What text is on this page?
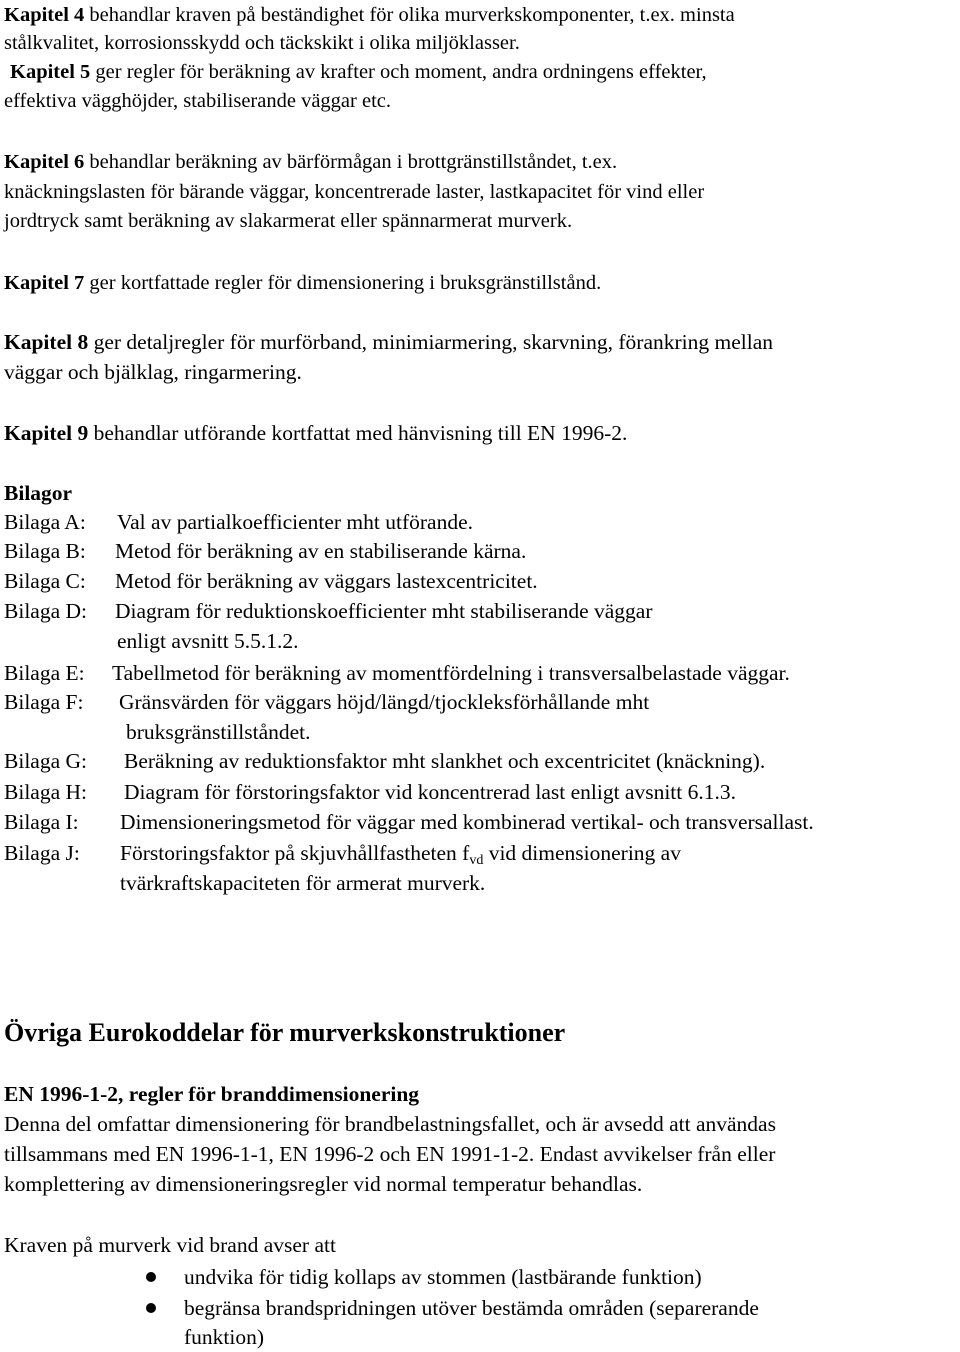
Kapitel 4 behandlar kraven på beständighet för olika murverkskomponenter, t.ex. minsta
stålkvalitet, korrosionsskydd och täckskikt i olika miljöklasser.
Kapitel 5 ger regler för beräkning av krafter och moment, andra ordningens effekter,
effektiva vägghöjder, stabiliserande väggar etc.
Kapitel 6 behandlar beräkning av bärförmågan i brottgränstillståndet, t.ex.
knäckningslasten för bärande väggar, koncentrerade laster, lastkapacitet för vind eller
jordtryck samt beräkning av slakarmerat eller spännarmerat murverk.
Kapitel 7 ger kortfattade regler för dimensionering i bruksgränstillstånd.
Kapitel 8 ger detaljregler för murförband, minimiarmering, skarvning, förankring mellan
väggar och bjälklag, ringarmering.
Kapitel 9 behandlar utförande kortfattat med hänvisning till EN 1996-2.
Bilagor
Bilaga A: Val av partialkoefficienter mht utförande.
Bilaga B: Metod för beräkning av en stabiliserande kärna.
Bilaga C: Metod för beräkning av väggars lastexcentricitet.
Bilaga D: Diagram för reduktionskoefficienter mht stabiliserande väggar
enligt avsnitt 5.5.1.2.
Bilaga E: Tabellmetod för beräkning av momentfördelning i transversalbelastade väggar.
Bilaga F: Gränsvärden för väggars höjd/längd/tjockleksförhållande mht
bruksgränstillståndet.
Bilaga G: Beräkning av reduktionsfaktor mht slankhet och excentricitet (knäckning).
Bilaga H: Diagram för förstoringsfaktor vid koncentrerad last enligt avsnitt 6.1.3.
Bilaga I: Dimensioneringsmetod för väggar med kombinerad vertikal- och transversallast.
Bilaga J: Förstoringsfaktor på skjuvhållfastheten $f_{vd}$ vid dimensionering av
tvärkraftskapaciteten för armerat murverk.
Övriga Eurokoddelar för murverkskonstruktioner
EN 1996-1-2, regler för branddimensionering
Denna del omfattar dimensionering för brandbelastningsfallet, och är avsedd att användas
tillsammans med EN 1996-1-1, EN 1996-2 och EN 1991-1-2. Endast avvikelser från eller
komplettering av dimensioneringsregler vid normal temperatur behandlas.
Kraven på murverk vid brand avser att
undvika för tidig kollaps av stommen (lastbärande funktion)
begränsa brandspridningen utöver bestämda områden (separerande
funktion)
